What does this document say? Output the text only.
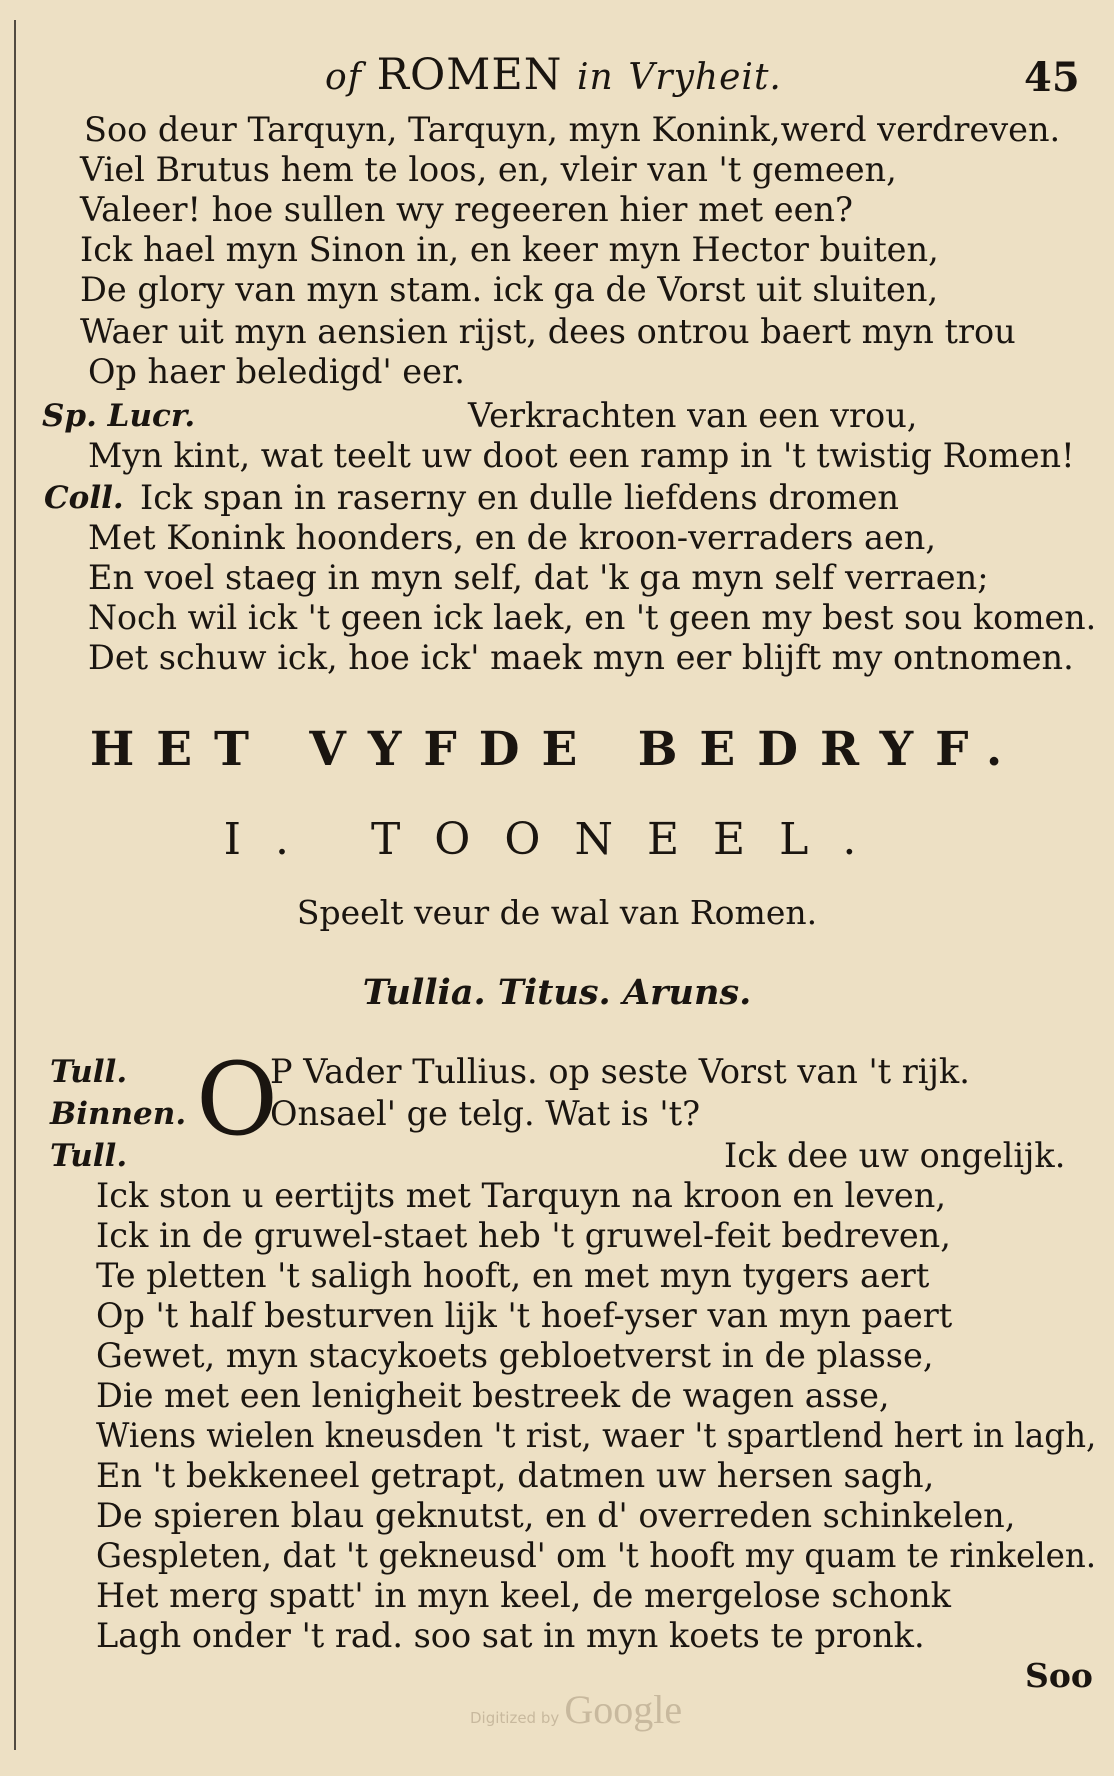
of ROMEN in Vryheit.	45
Soo deur Tarquyn, Tarquyn, myn Konink,werd verdreven.
Viel Brutus hem te loos, en, vleir van 't gemeen,
Valeer! hoe sullen wy regeeren hier met een?
Ick hael myn Sinon in, en keer myn Hector buiten,
De glory van myn stam. ick ga de Vorst uit sluiten,
Waer uit myn aensien rijst, dees ontrou baert myn trou
Op haer beledigd' eer.
Sp. Lucr.	Verkrachten van een vrou,
Myn kint, wat teelt uw doot een ramp in 't twistig Romen!
Coll. Ick span in raserny en dulle liefdens dromen
Met Konink hoonders, en de kroon-verraders aen,
En voel staeg in myn self, dat 'k ga myn self verraen;
Noch wil ick 't geen ick laek, en 't geen my best sou komen.
Det schuw ick, hoe ick' maek myn eer blijft my ontnomen.
HET VYFDE BEDRYF.
I. TOONEEL.
Speelt veur de wal van Romen.
Tullia. Titus. Aruns.
O
Tull.	P Vader Tullius. op seste Vorst van 't rijk.
Binnen.	Onsael' ge telg. Wat is 't?
Tull.	Ick dee uw ongelijk.
Ick ston u eertijts met Tarquyn na kroon en leven,
Ick in de gruwel-staet heb 't gruwel-feit bedreven,
Te pletten 't saligh hooft, en met myn tygers aert
Op 't half besturven lijk 't hoef-yser van myn paert
Gewet, myn stacykoets gebloetverst in de plasse,
Die met een lenigheit bestreek de wagen asse,
Wiens wielen kneusden 't rist, waer 't spartlend hert in lagh,
En 't bekkeneel getrapt, datmen uw hersen sagh,
De spieren blau geknutst, en d' overreden schinkelen,
Gespleten, dat 't gekneusd' om 't hooft my quam te rinkelen.
Het merg spatt' in myn keel, de mergelose schonk
Lagh onder 't rad. soo sat in myn koets te pronk.
Soo
Digitized by Google
